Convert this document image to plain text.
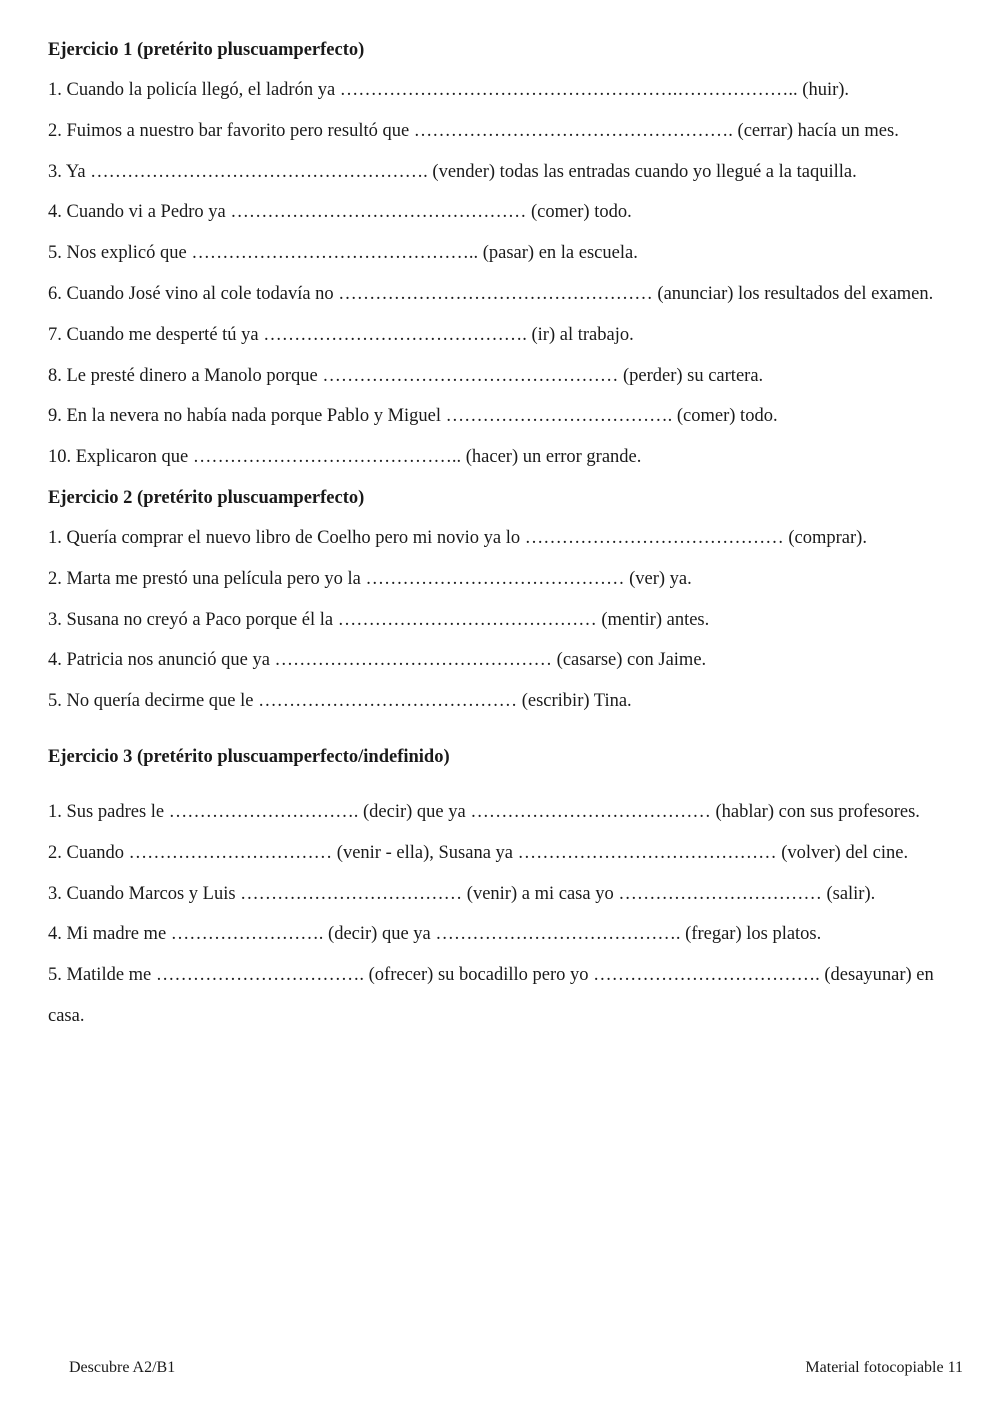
Ejercicio 1 (pretérito pluscuamperfecto)
1. Cuando la policía llegó, el ladrón ya ……………………………………………….……………….. (huir).
2. Fuimos a nuestro bar favorito pero resultó que ……………………………………………. (cerrar) hacía un mes.
3. Ya ………………………………………………. (vender) todas las entradas cuando yo llegué a la taquilla.
4. Cuando vi a Pedro ya ………………………………………… (comer) todo.
5. Nos explicó que ……………………………………….. (pasar) en la escuela.
6. Cuando José vino al cole todavía no …………………………………………… (anunciar) los resultados del examen.
7. Cuando me desperté tú ya ……………………………………. (ir) al trabajo.
8. Le presté dinero a Manolo porque ………………………………………… (perder) su cartera.
9. En la nevera no había nada porque Pablo y Miguel ………………………………. (comer) todo.
10. Explicaron que …………………………………….. (hacer) un error grande.
Ejercicio 2 (pretérito pluscuamperfecto)
1. Quería comprar el nuevo libro de Coelho pero mi novio ya lo …………………………………… (comprar).
2. Marta me prestó una película pero yo la …………………………………… (ver) ya.
3. Susana no creyó a Paco porque él la …………………………………… (mentir) antes.
4. Patricia nos anunció que ya ……………………………………… (casarse) con Jaime.
5. No quería decirme que le …………………………………… (escribir) Tina.
Ejercicio 3 (pretérito pluscuamperfecto/indefinido)
1. Sus padres le …………………………. (decir) que ya ………………………………… (hablar) con sus profesores.
2. Cuando …………………………… (venir - ella), Susana ya …………………………………… (volver) del cine.
3. Cuando Marcos y Luis ……………………………… (venir) a mi casa yo …………………………… (salir).
4. Mi madre me ……………………. (decir) que ya …………………………………. (fregar) los platos.
5. Matilde me ……………………………. (ofrecer) su bocadillo pero yo ………………………………. (desayunar) en casa.
Descubre A2/B1	Material fotocopiable 11
